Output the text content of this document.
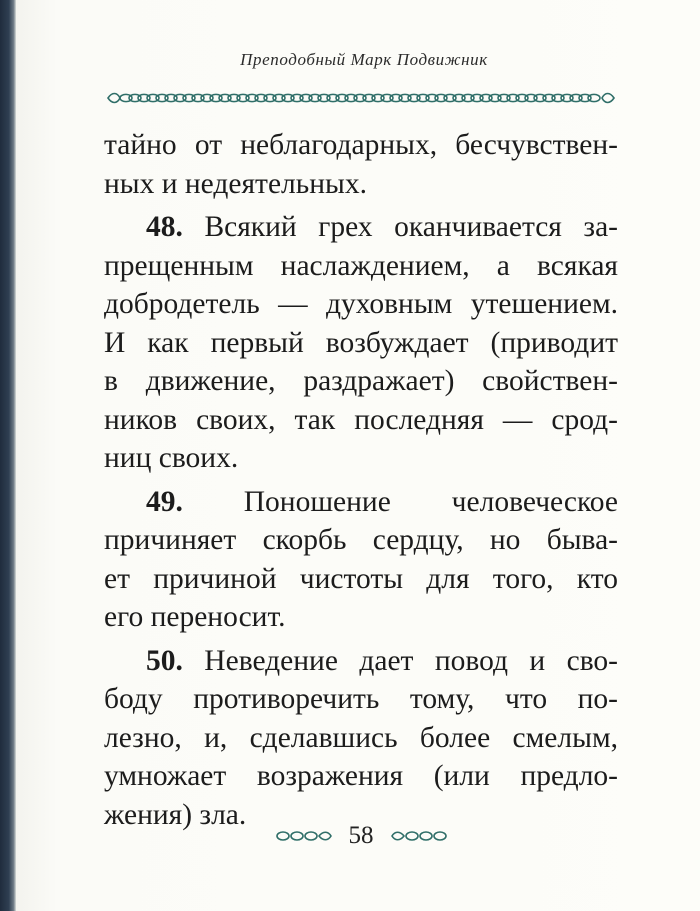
Преподобный Марк Подвижник
тайно от неблагодарных, бесчувствен-
ных и недеятельных.
48. Всякий грех оканчивается за-
прещенным наслаждением, а всякая
добродетель — духовным утешением.
И как первый возбуждает (приводит
в движение, раздражает) свойствен-
ников своих, так последняя — срод-
ниц своих.
49. Поношение человеческое
причиняет скорбь сердцу, но быва-
ет причиной чистоты для того, кто
его переносит.
50. Неведение дает повод и сво-
боду противоречить тому, что по-
лезно, и, сделавшись более смелым,
умножает возражения (или предло-
жения) зла.
58
